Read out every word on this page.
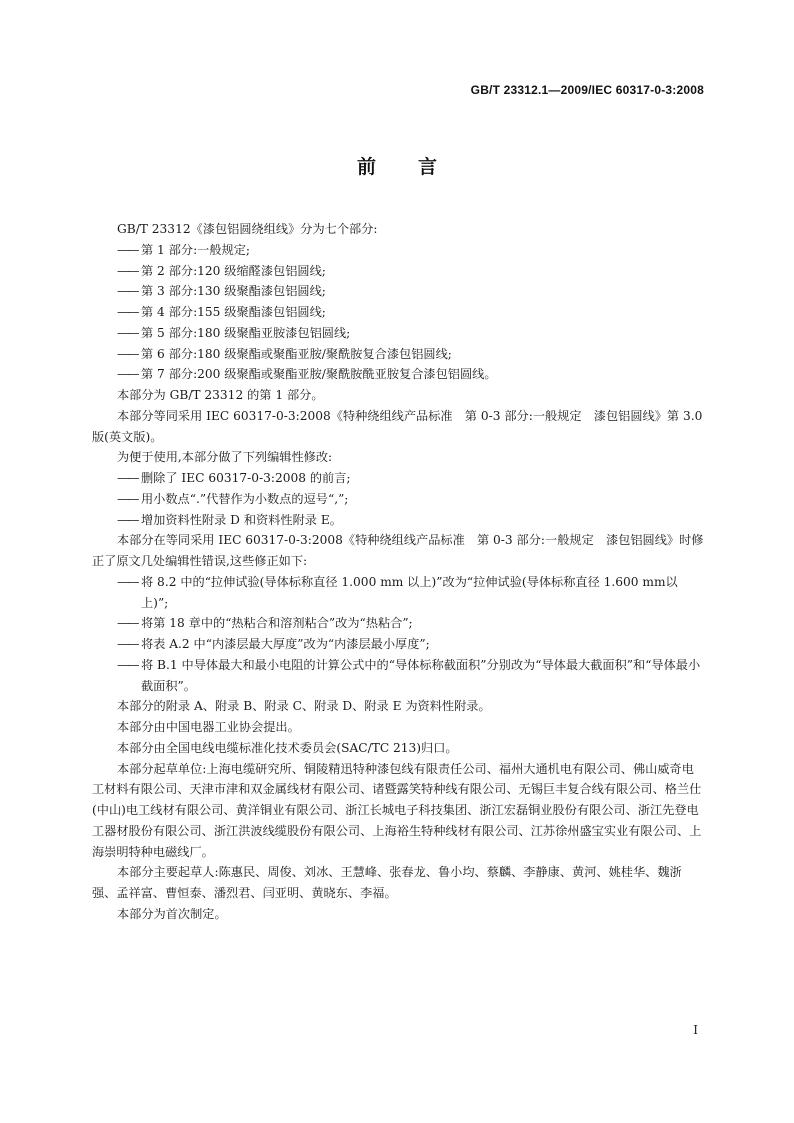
GB/T 23312.1—2009/IEC 60317-0-3:2008
前 言

GB/T 23312《漆包铝圆绕组线》分为七个部分:

—— 第 1 部分:一般规定;

—— 第 2 部分:120 级缩醛漆包铝圆线;

—— 第 3 部分:130 级聚酯漆包铝圆线;

—— 第 4 部分:155 级聚酯漆包铝圆线;

—— 第 5 部分:180 级聚酯亚胺漆包铝圆线;

—— 第 6 部分:180 级聚酯或聚酯亚胺/聚酰胺复合漆包铝圆线;

—— 第 7 部分:200 级聚酯或聚酯亚胺/聚酰胺酰亚胺复合漆包铝圆线。

本部分为 GB/T 23312 的第 1 部分。

本部分等同采用 IEC 60317-0-3:2008《特种绕组线产品标准　第 0-3 部分:一般规定　漆包铝圆线》第 3.0 版(英文版)。

为便于使用,本部分做了下列编辑性修改:

—— 删除了 IEC 60317-0-3:2008 的前言;

—— 用小数点“.”代替作为小数点的逗号“,”;

—— 增加资料性附录 D 和资料性附录 E。

本部分在等同采用 IEC 60317-0-3:2008《特种绕组线产品标准　第 0-3 部分:一般规定　漆包铝圆线》时修正了原文几处编辑性错误,这些修正如下:

—— 将 8.2 中的“拉伸试验(导体标称直径 1.000 mm 以上)”改为“拉伸试验(导体标称直径 1.600 mm以上)”;

—— 将第 18 章中的“热粘合和溶剂粘合”改为“热粘合”;

—— 将表 A.2 中“内漆层最大厚度”改为“内漆层最小厚度”;

—— 将 B.1 中导体最大和最小电阻的计算公式中的“导体标称截面积”分别改为“导体最大截面积”和“导体最小截面积”。

本部分的附录 A、附录 B、附录 C、附录 D、附录 E 为资料性附录。

本部分由中国电器工业协会提出。

本部分由全国电线电缆标准化技术委员会(SAC/TC 213)归口。

本部分起草单位:上海电缆研究所、铜陵精迅特种漆包线有限责任公司、福州大通机电有限公司、佛山威奇电工材料有限公司、天津市津和双金属线材有限公司、诸暨露笑特种线有限公司、无锡巨丰复合线有限公司、格兰仕(中山)电工线材有限公司、黄洋铜业有限公司、浙江长城电子科技集团、浙江宏磊铜业股份有限公司、浙江先登电工器材股份有限公司、浙江洪波线缆股份有限公司、上海裕生特种线材有限公司、江苏徐州盛宝实业有限公司、上海崇明特种电磁线厂。

本部分主要起草人:陈惠民、周俊、刘冰、王慧峰、张春龙、鲁小均、蔡麟、李静康、黄河、姚桂华、魏浙强、孟祥富、曹恒泰、潘烈君、闫亚明、黄晓东、李福。

本部分为首次制定。

I
